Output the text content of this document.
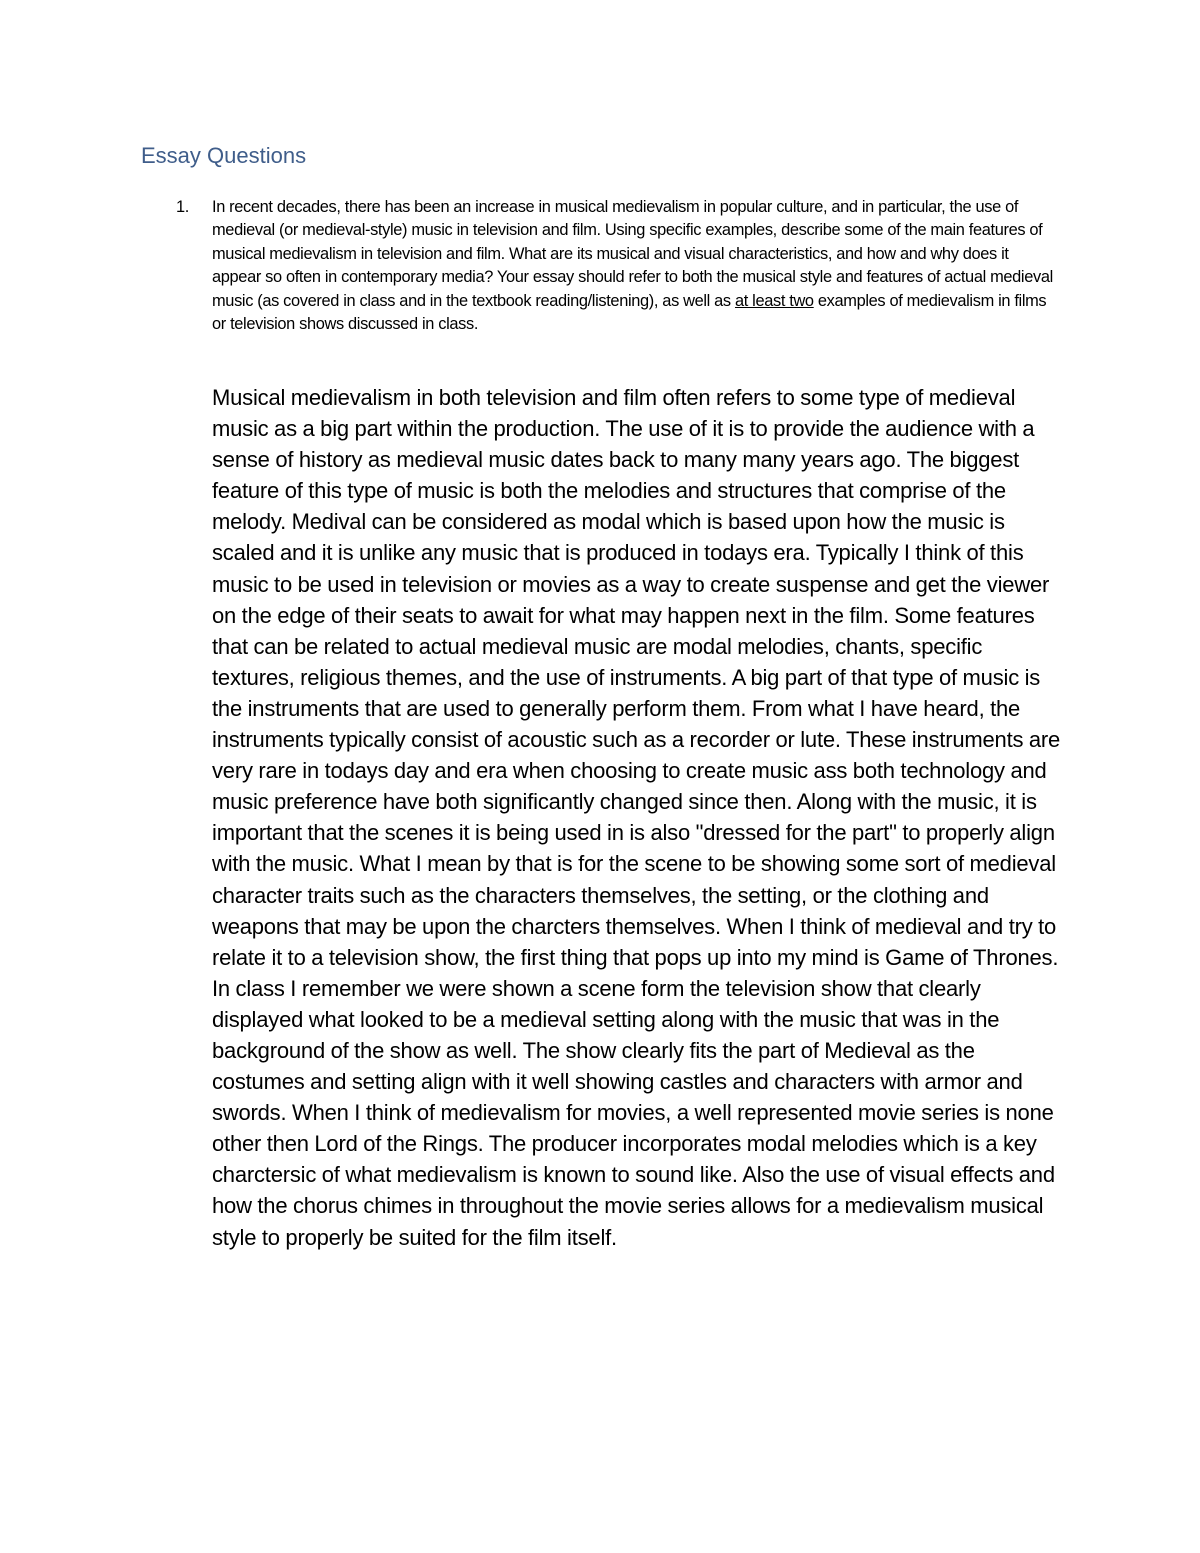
Essay Questions
1. In recent decades, there has been an increase in musical medievalism in popular culture, and in particular, the use of medieval (or medieval-style) music in television and film. Using specific examples, describe some of the main features of musical medievalism in television and film. What are its musical and visual characteristics, and how and why does it appear so often in contemporary media? Your essay should refer to both the musical style and features of actual medieval music (as covered in class and in the textbook reading/listening), as well as at least two examples of medievalism in films or television shows discussed in class.

Musical medievalism in both television and film often refers to some type of medieval music as a big part within the production. The use of it is to provide the audience with a sense of history as medieval music dates back to many many years ago. The biggest feature of this type of music is both the melodies and structures that comprise of the melody. Medival can be considered as modal which is based upon how the music is scaled and it is unlike any music that is produced in todays era. Typically I think of this music to be used in television or movies as a way to create suspense and get the viewer on the edge of their seats to await for what may happen next in the film. Some features that can be related to actual medieval music are modal melodies, chants, specific textures, religious themes, and the use of instruments. A big part of that type of music is the instruments that are used to generally perform them. From what I have heard, the instruments typically consist of acoustic such as a recorder or lute. These instruments are very rare in todays day and era when choosing to create music ass both technology and music preference have both significantly changed since then. Along with the music, it is important that the scenes it is being used in is also "dressed for the part" to properly align with the music. What I mean by that is for the scene to be showing some sort of medieval character traits such as the characters themselves, the setting, or the clothing and weapons that may be upon the charcters themselves. When I think of medieval and try to relate it to a television show, the first thing that pops up into my mind is Game of Thrones. In class I remember we were shown a scene form the television show that clearly displayed what looked to be a medieval setting along with the music that was in the background of the show as well. The show clearly fits the part of Medieval as the costumes and setting align with it well showing castles and characters with armor and swords. When I think of medievalism for movies, a well represented movie series is none other then Lord of the Rings. The producer incorporates modal melodies which is a key charctersic of what medievalism is known to sound like. Also the use of visual effects and how the chorus chimes in throughout the movie series allows for a medievalism musical style to properly be suited for the film itself.
